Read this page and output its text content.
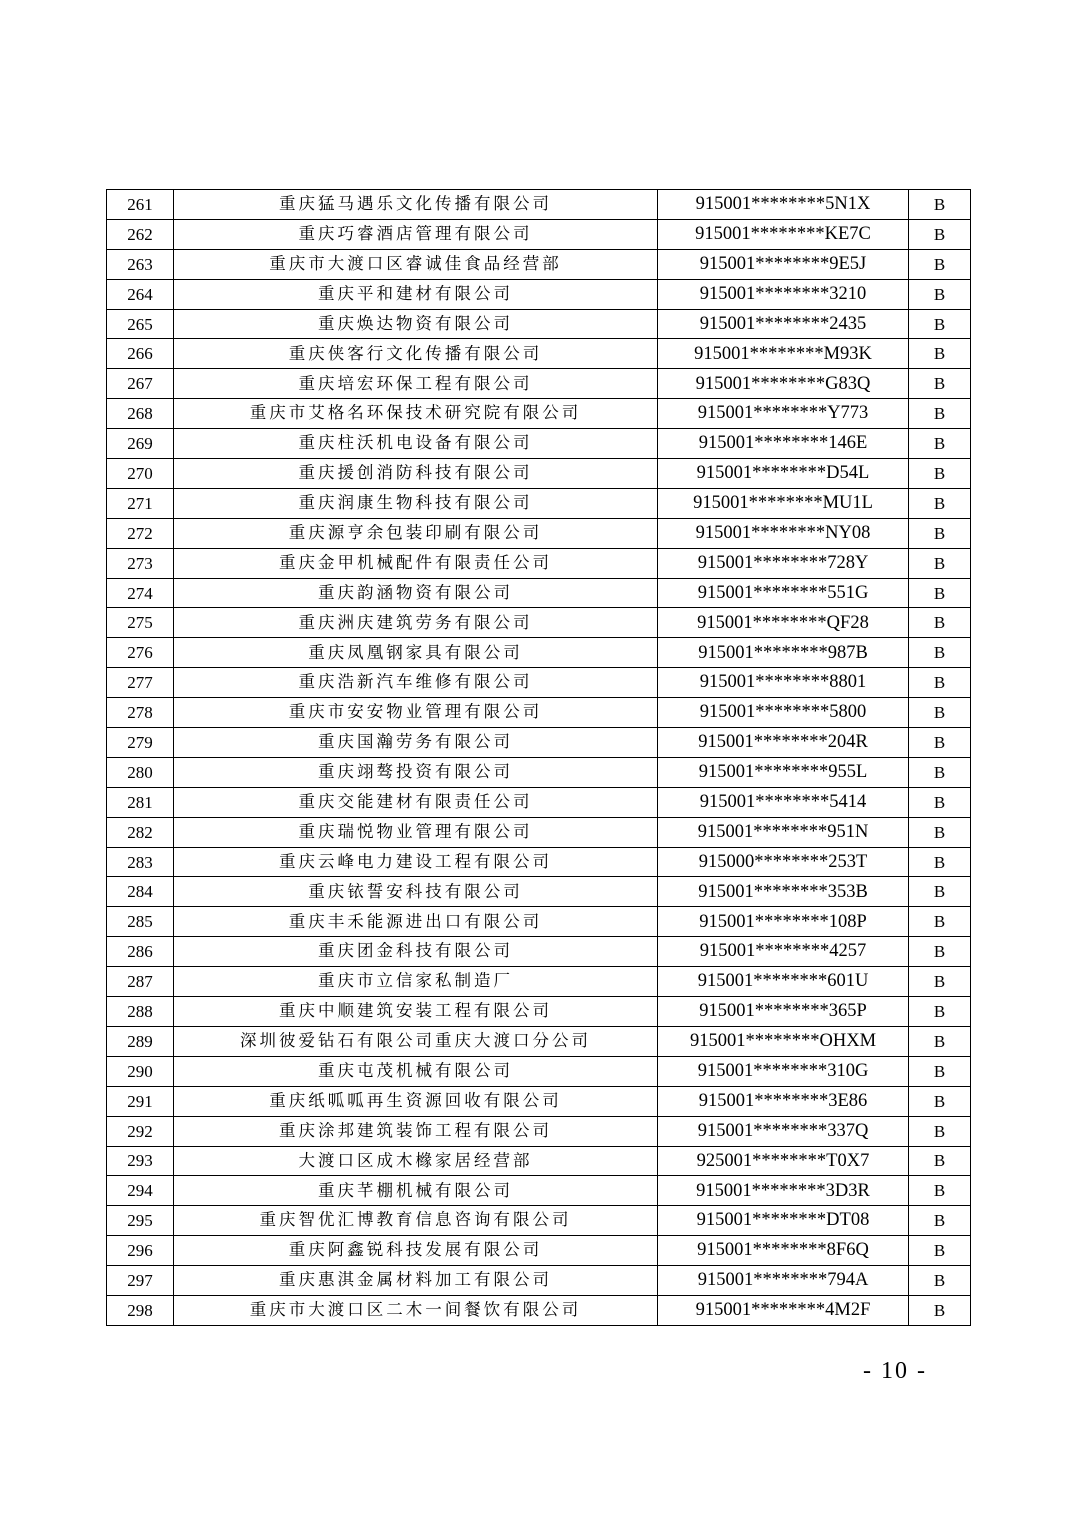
261	重庆猛马遇乐文化传播有限公司	915001********5N1X	B
262	重庆巧睿酒店管理有限公司	915001********KE7C	B
263	重庆市大渡口区睿诚佳食品经营部	915001********9E5J	B
264	重庆平和建材有限公司	915001********3210	B
265	重庆焕达物资有限公司	915001********2435	B
266	重庆侠客行文化传播有限公司	915001********M93K	B
267	重庆培宏环保工程有限公司	915001********G83Q	B
268	重庆市艾格名环保技术研究院有限公司	915001********Y773	B
269	重庆柱沃机电设备有限公司	915001********146E	B
270	重庆援创消防科技有限公司	915001********D54L	B
271	重庆润康生物科技有限公司	915001********MU1L	B
272	重庆源亨余包装印刷有限公司	915001********NY08	B
273	重庆金甲机械配件有限责任公司	915001********728Y	B
274	重庆韵涵物资有限公司	915001********551G	B
275	重庆洲庆建筑劳务有限公司	915001********QF28	B
276	重庆凤凰钢家具有限公司	915001********987B	B
277	重庆浩新汽车维修有限公司	915001********8801	B
278	重庆市安安物业管理有限公司	915001********5800	B
279	重庆国瀚劳务有限公司	915001********204R	B
280	重庆翊骜投资有限公司	915001********955L	B
281	重庆交能建材有限责任公司	915001********5414	B
282	重庆瑞悦物业管理有限公司	915001********951N	B
283	重庆云峰电力建设工程有限公司	915000********253T	B
284	重庆铱誓安科技有限公司	915001********353B	B
285	重庆丰禾能源进出口有限公司	915001********108P	B
286	重庆团金科技有限公司	915001********4257	B
287	重庆市立信家私制造厂	915001********601U	B
288	重庆中顺建筑安装工程有限公司	915001********365P	B
289	深圳彼爱钻石有限公司重庆大渡口分公司	915001********OHXM	B
290	重庆屯茂机械有限公司	915001********310G	B
291	重庆纸呱呱再生资源回收有限公司	915001********3E86	B
292	重庆涂邦建筑装饰工程有限公司	915001********337Q	B
293	大渡口区成木橼家居经营部	925001********T0X7	B
294	重庆芊棚机械有限公司	915001********3D3R	B
295	重庆智优汇博教育信息咨询有限公司	915001********DT08	B
296	重庆阿鑫锐科技发展有限公司	915001********8F6Q	B
297	重庆惠淇金属材料加工有限公司	915001********794A	B
298	重庆市大渡口区二木一间餐饮有限公司	915001********4M2F	B
- 10 -
